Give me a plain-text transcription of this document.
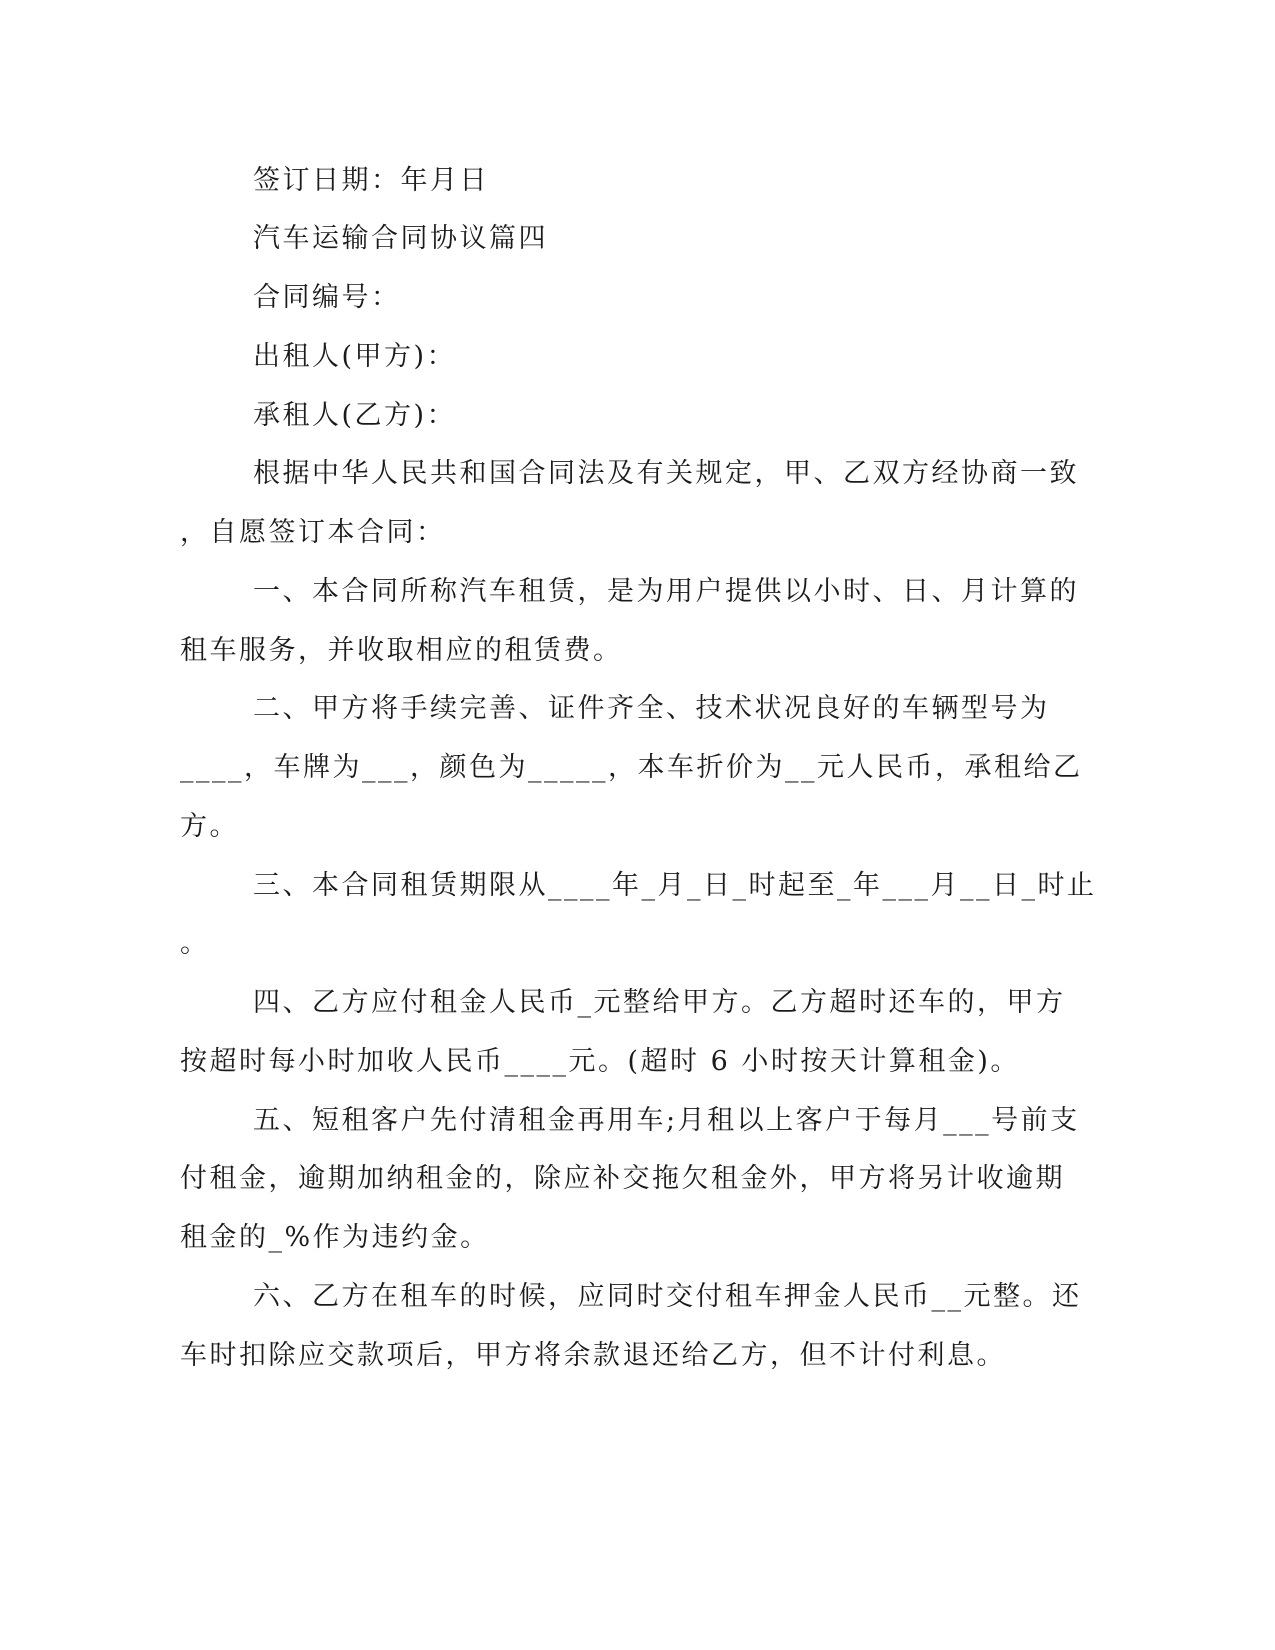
签订日期：年月日
汽车运输合同协议篇四
合同编号：
出租人(甲方)：
承租人(乙方)：
根据中华人民共和国合同法及有关规定，甲、乙双方经协商一致
，自愿签订本合同：
一、本合同所称汽车租赁，是为用户提供以小时、日、月计算的
租车服务，并收取相应的租赁费。
二、甲方将手续完善、证件齐全、技术状况良好的车辆型号为
____，车牌为___，颜色为_____，本车折价为__元人民币，承租给乙
方。
三、本合同租赁期限从____年_月_日_时起至_年___月__日_时止
。
四、乙方应付租金人民币_元整给甲方。乙方超时还车的，甲方
按超时每小时加收人民币____元。(超时 6 小时按天计算租金)。
五、短租客户先付清租金再用车;月租以上客户于每月___号前支
付租金，逾期加纳租金的，除应补交拖欠租金外，甲方将另计收逾期
租金的_%作为违约金。
六、乙方在租车的时候，应同时交付租车押金人民币__元整。还
车时扣除应交款项后，甲方将余款退还给乙方，但不计付利息。
